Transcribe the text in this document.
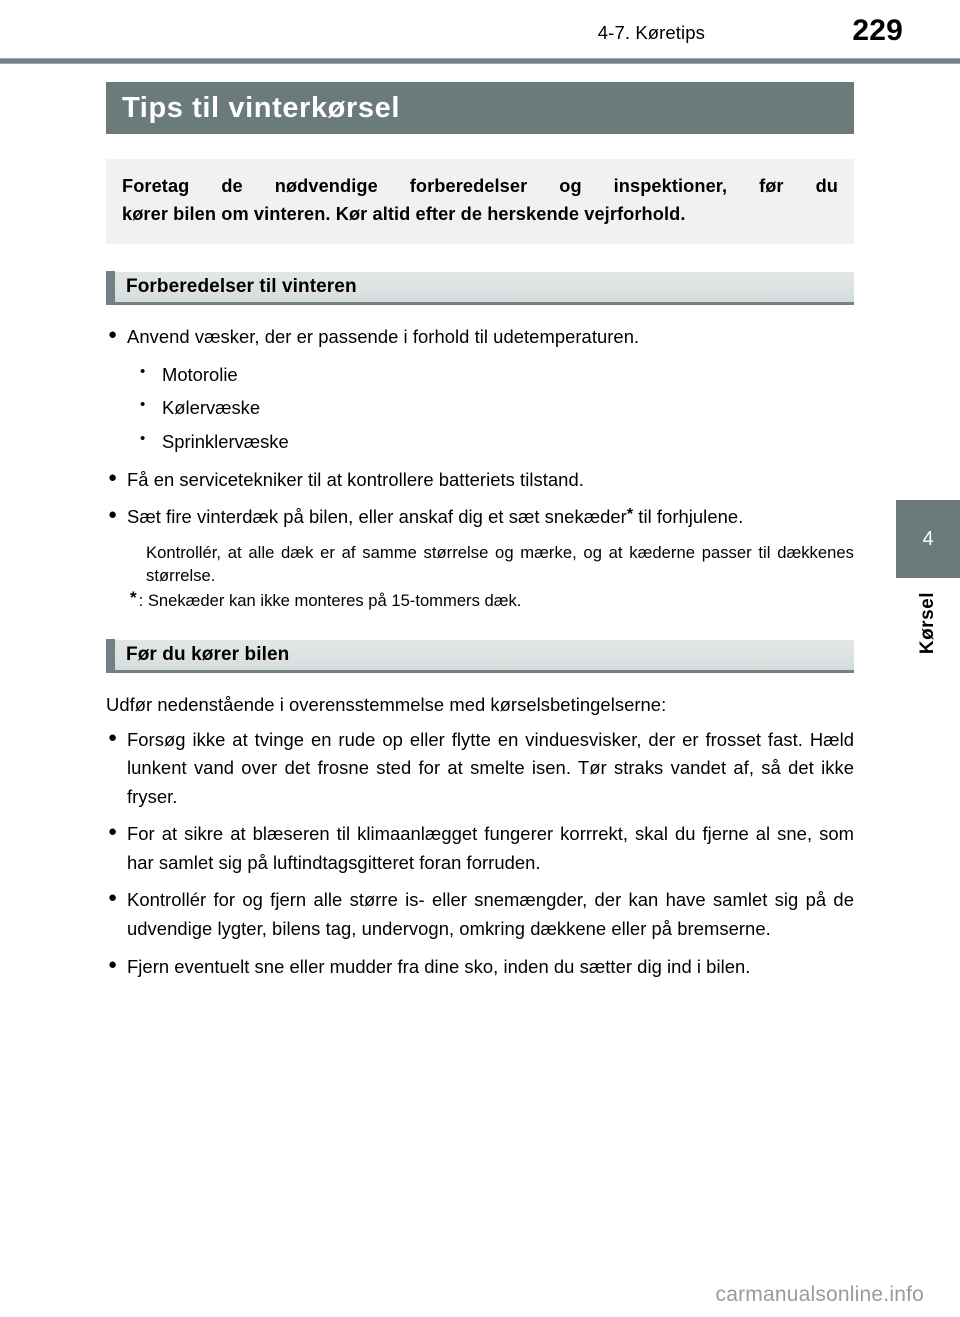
4-7. Køretips	229
Tips til vinterkørsel

Foretag de nødvendige forberedelser og inspektioner, før du

kører bilen om vinteren. Kør altid efter de herskende vejrforhold.

Forberedelser til vinteren
● Anvend væsker, der er passende i forhold til udetemperaturen.
• Motorolie
• Kølervæske
• Sprinklervæske
● Få en servicetekniker til at kontrollere batteriets tilstand.
● Sæt fire vinterdæk på bilen, eller anskaf dig et sæt snekæder* til forhjulene.
Kontrollér, at alle dæk er af samme størrelse og mærke, og at kæderne passer til dækkenes størrelse.
* : Snekæder kan ikke monteres på 15-tommers dæk.
Før du kører bilen

Udfør nedenstående i overensstemmelse med kørselsbetingelserne:

● Forsøg ikke at tvinge en rude op eller flytte en vinduesvisker, der er frosset fast. Hæld lunkent vand over det frosne sted for at smelte isen. Tør straks vandet af, så det ikke fryser.
● For at sikre at blæseren til klimaanlægget fungerer korrrekt, skal du fjerne al sne, som har samlet sig på luftindtagsgitteret foran forruden.
● Kontrollér for og fjern alle større is- eller snemængder, der kan have samlet sig på de udvendige lygter, bilens tag, undervogn, omkring dækkene eller på bremserne.
● Fjern eventuelt sne eller mudder fra dine sko, inden du sætter dig ind i bilen.
4
Kørsel
carmanualsonline.info
